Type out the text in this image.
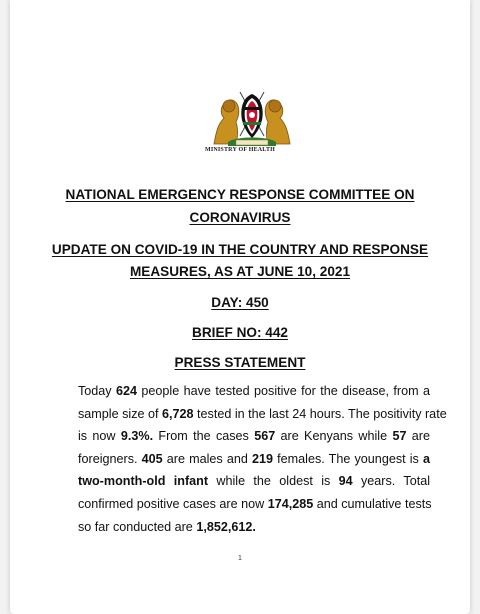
MINISTRY OF HEALTH
NATIONAL EMERGENCY RESPONSE COMMITTEE ON
CORONAVIRUS
UPDATE ON COVID-19 IN THE COUNTRY AND RESPONSE
MEASURES, AS AT JUNE 10, 2021
DAY: 450
BRIEF NO: 442
PRESS STATEMENT
Today 624 people have tested positive for the disease, from a
sample size of 6,728 tested in the last 24 hours. The positivity rate
is now 9.3%. From the cases 567 are Kenyans while 57 are
foreigners. 405 are males and 219 females. The youngest is a
two-month-old infant while the oldest is 94 years. Total
confirmed positive cases are now 174,285 and cumulative tests
so far conducted are 1,852,612.
1
